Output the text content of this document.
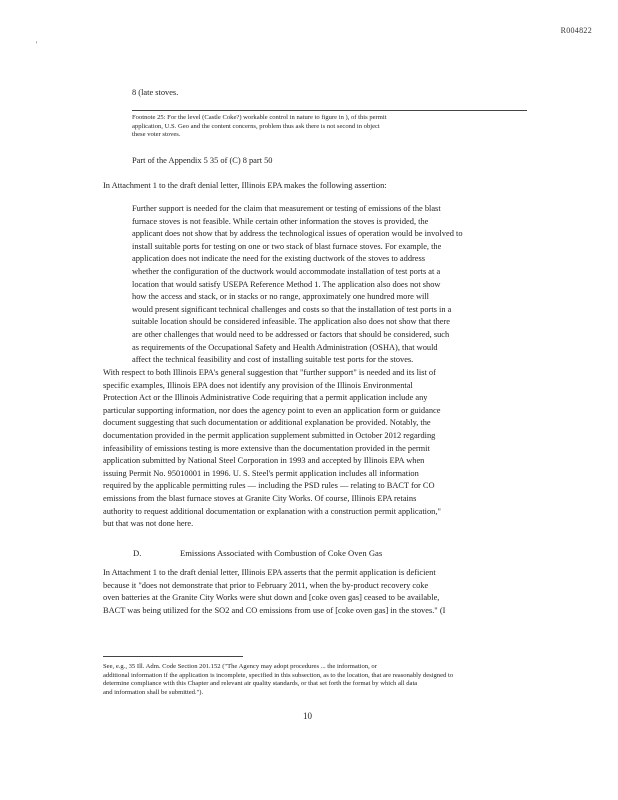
R004822
'
8 (late stoves.
Footnote 25: For the level (Castle Coke?) workable control in nature to figure in ), of this permit
application, U.S. Geo and the content concerns, problem thus ask there is not second in object
these voter stoves.
Part of the Appendix 5 35 of (C) 8 part 50
In Attachment 1 to the draft denial letter, Illinois EPA makes the following assertion:
Further support is needed for the claim that measurement or testing of emissions of the blast
furnace stoves is not feasible. While certain other information the stoves is provided, the
applicant does not show that by address the technological issues of operation would be involved to
install suitable ports for testing on one or two stack of blast furnace stoves. For example, the
application does not indicate the need for the existing ductwork of the stoves to address
whether the configuration of the ductwork would accommodate installation of test ports at a
location that would satisfy USEPA Reference Method 1. The application also does not show
how the access and stack, or in stacks or no range, approximately one hundred more will
would present significant technical challenges and costs so that the installation of test ports in a
suitable location should be considered infeasible. The application also does not show that there
are other challenges that would need to be addressed or factors that should be considered, such
as requirements of the Occupational Safety and Health Administration (OSHA), that would
affect the technical feasibility and cost of installing suitable test ports for the stoves.
With respect to both Illinois EPA's general suggestion that "further support" is needed and its list of
specific examples, Illinois EPA does not identify any provision of the Illinois Environmental
Protection Act or the Illinois Administrative Code requiring that a permit application include any
particular supporting information, nor does the agency point to even an application form or guidance
document suggesting that such documentation or additional explanation be provided. Notably, the
documentation provided in the permit application supplement submitted in October 2012 regarding
infeasibility of emissions testing is more extensive than the documentation provided in the permit
application submitted by National Steel Corporation in 1993 and accepted by Illinois EPA when
issuing Permit No. 95010001 in 1996. U. S. Steel's permit application includes all information
required by the applicable permitting rules — including the PSD rules — relating to BACT for CO
emissions from the blast furnace stoves at Granite City Works. Of course, Illinois EPA retains
authority to request additional documentation or explanation with a construction permit application,"
but that was not done here.
D.	Emissions Associated with Combustion of Coke Oven Gas
In Attachment 1 to the draft denial letter, Illinois EPA asserts that the permit application is deficient
because it "does not demonstrate that prior to February 2011, when the by-product recovery coke
oven batteries at the Granite City Works were shut down and [coke oven gas] ceased to be available,
BACT was being utilized for the SO2 and CO emissions from use of [coke oven gas] in the stoves." (I
See, e.g., 35 Ill. Adm. Code Section 201.152 ("The Agency may adopt procedures ... the information, or
additional information if the application is incomplete, specified in this subsection, as to the location, that are reasonably designed to
determine compliance with this Chapter and relevant air quality standards, or that set forth the format by which all data
and information shall be submitted.").
10
